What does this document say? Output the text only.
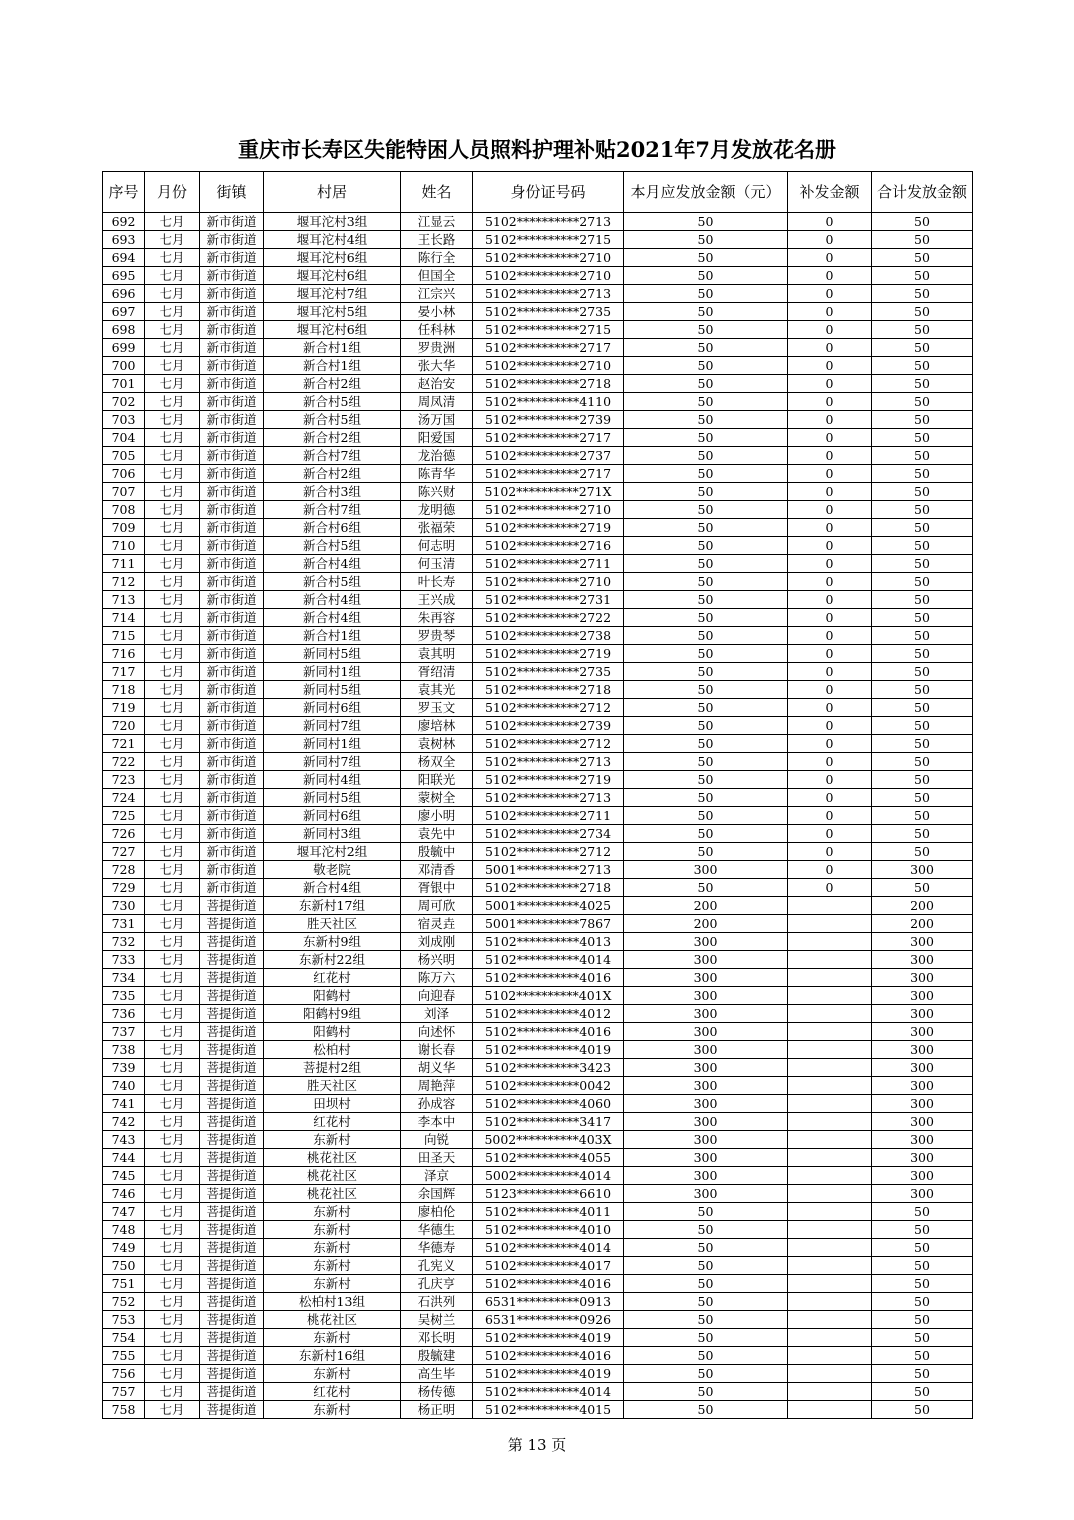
重庆市长寿区失能特困人员照料护理补贴2021年7月发放花名册
序号	月份	街镇	村居	姓名	身份证号码	本月应发放金额（元）	补发金额	合计发放金额
692	七月	新市街道	堰耳沱村3组	江显云	5102**********2713	50	0	50
693	七月	新市街道	堰耳沱村4组	王长路	5102**********2715	50	0	50
694	七月	新市街道	堰耳沱村6组	陈行全	5102**********2710	50	0	50
695	七月	新市街道	堰耳沱村6组	但国全	5102**********2710	50	0	50
696	七月	新市街道	堰耳沱村7组	江宗兴	5102**********2713	50	0	50
697	七月	新市街道	堰耳沱村5组	晏小林	5102**********2735	50	0	50
698	七月	新市街道	堰耳沱村6组	任科林	5102**********2715	50	0	50
699	七月	新市街道	新合村1组	罗贵洲	5102**********2717	50	0	50
700	七月	新市街道	新合村1组	张大华	5102**********2710	50	0	50
701	七月	新市街道	新合村2组	赵治安	5102**********2718	50	0	50
702	七月	新市街道	新合村5组	周凤清	5102**********4110	50	0	50
703	七月	新市街道	新合村5组	汤万国	5102**********2739	50	0	50
704	七月	新市街道	新合村2组	阳爱国	5102**********2717	50	0	50
705	七月	新市街道	新合村7组	龙治德	5102**********2737	50	0	50
706	七月	新市街道	新合村2组	陈青华	5102**********2717	50	0	50
707	七月	新市街道	新合村3组	陈兴财	5102**********271X	50	0	50
708	七月	新市街道	新合村7组	龙明德	5102**********2710	50	0	50
709	七月	新市街道	新合村6组	张福荣	5102**********2719	50	0	50
710	七月	新市街道	新合村5组	何志明	5102**********2716	50	0	50
711	七月	新市街道	新合村4组	何玉清	5102**********2711	50	0	50
712	七月	新市街道	新合村5组	叶长寿	5102**********2710	50	0	50
713	七月	新市街道	新合村4组	王兴成	5102**********2731	50	0	50
714	七月	新市街道	新合村4组	朱再容	5102**********2722	50	0	50
715	七月	新市街道	新合村1组	罗贵琴	5102**********2738	50	0	50
716	七月	新市街道	新同村5组	袁其明	5102**********2719	50	0	50
717	七月	新市街道	新同村1组	胥绍清	5102**********2735	50	0	50
718	七月	新市街道	新同村5组	袁其光	5102**********2718	50	0	50
719	七月	新市街道	新同村6组	罗玉文	5102**********2712	50	0	50
720	七月	新市街道	新同村7组	廖培林	5102**********2739	50	0	50
721	七月	新市街道	新同村1组	袁树林	5102**********2712	50	0	50
722	七月	新市街道	新同村7组	杨双全	5102**********2713	50	0	50
723	七月	新市街道	新同村4组	阳联光	5102**********2719	50	0	50
724	七月	新市街道	新同村5组	蒙树全	5102**********2713	50	0	50
725	七月	新市街道	新同村6组	廖小明	5102**********2711	50	0	50
726	七月	新市街道	新同村3组	袁先中	5102**********2734	50	0	50
727	七月	新市街道	堰耳沱村2组	殷毓中	5102**********2712	50	0	50
728	七月	新市街道	敬老院	邓清香	5001**********2713	300	0	300
729	七月	新市街道	新合村4组	胥银中	5102**********2718	50	0	50
730	七月	菩提街道	东新村17组	周可欣	5001**********4025	200		200
731	七月	菩提街道	胜天社区	宿灵垚	5001**********7867	200		200
732	七月	菩提街道	东新村9组	刘成刚	5102**********4013	300		300
733	七月	菩提街道	东新村22组	杨兴明	5102**********4014	300		300
734	七月	菩提街道	红花村	陈万六	5102**********4016	300		300
735	七月	菩提街道	阳鹤村	向迎春	5102**********401X	300		300
736	七月	菩提街道	阳鹤村9组	刘泽	5102**********4012	300		300
737	七月	菩提街道	阳鹤村	向述怀	5102**********4016	300		300
738	七月	菩提街道	松柏村	谢长春	5102**********4019	300		300
739	七月	菩提街道	菩提村2组	胡义华	5102**********3423	300		300
740	七月	菩提街道	胜天社区	周艳萍	5102**********0042	300		300
741	七月	菩提街道	田坝村	孙成容	5102**********4060	300		300
742	七月	菩提街道	红花村	李本中	5102**********3417	300		300
743	七月	菩提街道	东新村	向锐	5002**********403X	300		300
744	七月	菩提街道	桃花社区	田圣天	5102**********4055	300		300
745	七月	菩提街道	桃花社区	泽京	5002**********4014	300		300
746	七月	菩提街道	桃花社区	余国辉	5123**********6610	300		300
747	七月	菩提街道	东新村	廖柏伦	5102**********4011	50		50
748	七月	菩提街道	东新村	华德生	5102**********4010	50		50
749	七月	菩提街道	东新村	华德寿	5102**********4014	50		50
750	七月	菩提街道	东新村	孔宪义	5102**********4017	50		50
751	七月	菩提街道	东新村	孔庆亨	5102**********4016	50		50
752	七月	菩提街道	松柏村13组	石洪列	6531**********0913	50		50
753	七月	菩提街道	桃花社区	吴树兰	6531**********0926	50		50
754	七月	菩提街道	东新村	邓长明	5102**********4019	50		50
755	七月	菩提街道	东新村16组	殷毓建	5102**********4016	50		50
756	七月	菩提街道	东新村	高生毕	5102**********4019	50		50
757	七月	菩提街道	红花村	杨传德	5102**********4014	50		50
758	七月	菩提街道	东新村	杨正明	5102**********4015	50		50
第 13 页
